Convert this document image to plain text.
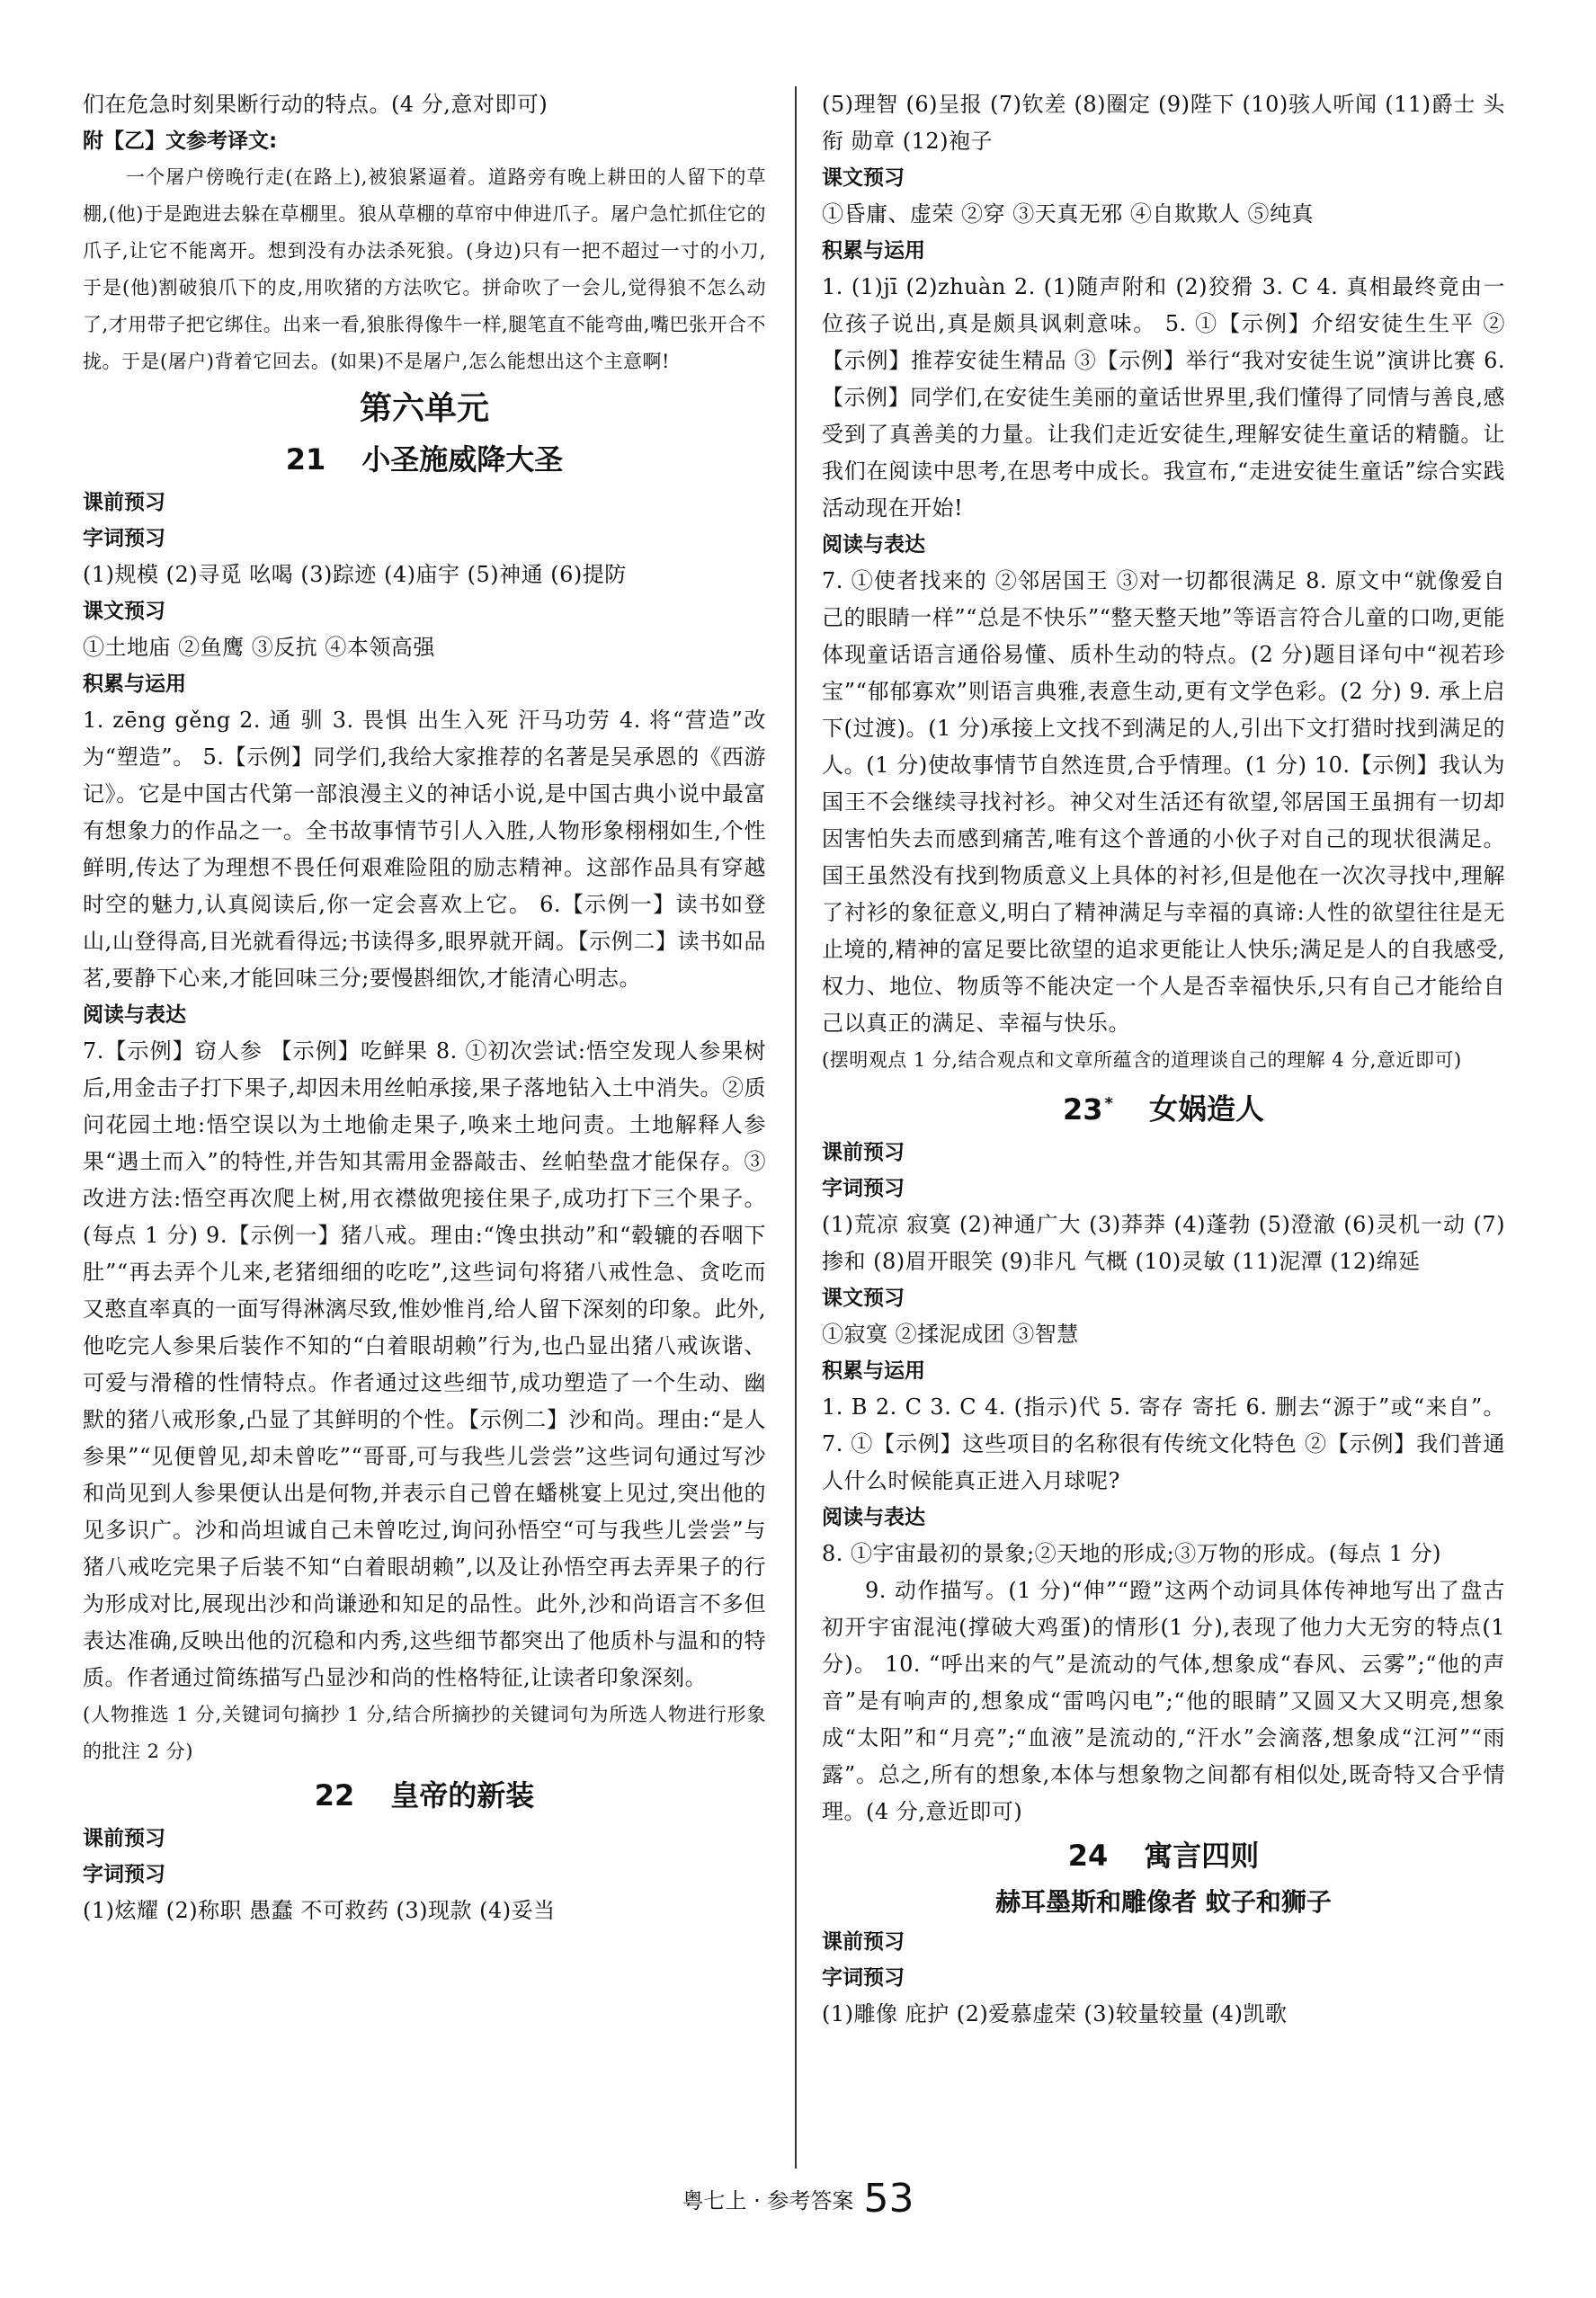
们在危急时刻果断行动的特点。(4 分,意对即可)

附【乙】文参考译文:

一个屠户傍晚行走(在路上),被狼紧逼着。道路旁有晚上耕田的人留下的草棚,(他)于是跑进去躲在草棚里。狼从草棚的草帘中伸进爪子。屠户急忙抓住它的爪子,让它不能离开。想到没有办法杀死狼。(身边)只有一把不超过一寸的小刀,于是(他)割破狼爪下的皮,用吹猪的方法吹它。拼命吹了一会儿,觉得狼不怎么动了,才用带子把它绑住。出来一看,狼胀得像牛一样,腿笔直不能弯曲,嘴巴张开合不拢。于是(屠户)背着它回去。(如果)不是屠户,怎么能想出这个主意啊!

第六单元

21 小圣施威降大圣

课前预习

字词预习

(1)规模 (2)寻觅 吆喝 (3)踪迹 (4)庙宇 (5)神通 (6)提防

课文预习

①土地庙 ②鱼鹰 ③反抗 ④本领高强

积累与运用

1. zēng gěng 2. 通 驯 3. 畏惧 出生入死 汗马功劳 4. 将“营造”改为“塑造”。 5.【示例】同学们,我给大家推荐的名著是吴承恩的《西游记》。它是中国古代第一部浪漫主义的神话小说,是中国古典小说中最富有想象力的作品之一。全书故事情节引人入胜,人物形象栩栩如生,个性鲜明,传达了为理想不畏任何艰难险阻的励志精神。这部作品具有穿越时空的魅力,认真阅读后,你一定会喜欢上它。 6.【示例一】读书如登山,山登得高,目光就看得远;书读得多,眼界就开阔。【示例二】读书如品茗,要静下心来,才能回味三分;要慢斟细饮,才能清心明志。

阅读与表达

7.【示例】窃人参 【示例】吃鲜果 8. ①初次尝试:悟空发现人参果树后,用金击子打下果子,却因未用丝帕承接,果子落地钻入土中消失。②质问花园土地:悟空误以为土地偷走果子,唤来土地问责。土地解释人参果“遇土而入”的特性,并告知其需用金器敲击、丝帕垫盘才能保存。③改进方法:悟空再次爬上树,用衣襟做兜接住果子,成功打下三个果子。(每点 1 分) 9.【示例一】猪八戒。理由:“馋虫拱动”和“毂辘的吞咽下肚”“再去弄个儿来,老猪细细的吃吃”,这些词句将猪八戒性急、贪吃而又憨直率真的一面写得淋漓尽致,惟妙惟肖,给人留下深刻的印象。此外,他吃完人参果后装作不知的“白着眼胡赖”行为,也凸显出猪八戒诙谐、可爱与滑稽的性情特点。作者通过这些细节,成功塑造了一个生动、幽默的猪八戒形象,凸显了其鲜明的个性。【示例二】沙和尚。理由:“是人参果”“见便曾见,却未曾吃”“哥哥,可与我些儿尝尝”这些词句通过写沙和尚见到人参果便认出是何物,并表示自己曾在蟠桃宴上见过,突出他的见多识广。沙和尚坦诚自己未曾吃过,询问孙悟空“可与我些儿尝尝”与猪八戒吃完果子后装不知“白着眼胡赖”,以及让孙悟空再去弄果子的行为形成对比,展现出沙和尚谦逊和知足的品性。此外,沙和尚语言不多但表达准确,反映出他的沉稳和内秀,这些细节都突出了他质朴与温和的特质。作者通过简练描写凸显沙和尚的性格特征,让读者印象深刻。

(人物推选 1 分,关键词句摘抄 1 分,结合所摘抄的关键词句为所选人物进行形象的批注 2 分)

22 皇帝的新装

课前预习

字词预习

(1)炫耀 (2)称职 愚蠢 不可救药 (3)现款 (4)妥当

(5)理智 (6)呈报 (7)钦差 (8)圈定 (9)陛下 (10)骇人听闻 (11)爵士 头衔 勋章 (12)袍子

课文预习

①昏庸、虚荣 ②穿 ③天真无邪 ④自欺欺人 ⑤纯真

积累与运用

1. (1)jī (2)zhuàn 2. (1)随声附和 (2)狡猾 3. C 4. 真相最终竟由一位孩子说出,真是颇具讽刺意味。 5. ①【示例】介绍安徒生生平 ②【示例】推荐安徒生精品 ③【示例】举行“我对安徒生说”演讲比赛 6.【示例】同学们,在安徒生美丽的童话世界里,我们懂得了同情与善良,感受到了真善美的力量。让我们走近安徒生,理解安徒生童话的精髓。让我们在阅读中思考,在思考中成长。我宣布,“走进安徒生童话”综合实践活动现在开始!

阅读与表达

7. ①使者找来的 ②邻居国王 ③对一切都很满足 8. 原文中“就像爱自己的眼睛一样”“总是不快乐”“整天整天地”等语言符合儿童的口吻,更能体现童话语言通俗易懂、质朴生动的特点。(2 分)题目译句中“视若珍宝”“郁郁寡欢”则语言典雅,表意生动,更有文学色彩。(2 分) 9. 承上启下(过渡)。(1 分)承接上文找不到满足的人,引出下文打猎时找到满足的人。(1 分)使故事情节自然连贯,合乎情理。(1 分) 10.【示例】我认为国王不会继续寻找衬衫。神父对生活还有欲望,邻居国王虽拥有一切却因害怕失去而感到痛苦,唯有这个普通的小伙子对自己的现状很满足。国王虽然没有找到物质意义上具体的衬衫,但是他在一次次寻找中,理解了衬衫的象征意义,明白了精神满足与幸福的真谛:人性的欲望往往是无止境的,精神的富足要比欲望的追求更能让人快乐;满足是人的自我感受,权力、地位、物质等不能决定一个人是否幸福快乐,只有自己才能给自己以真正的满足、幸福与快乐。

(摆明观点 1 分,结合观点和文章所蕴含的道理谈自己的理解 4 分,意近即可)

23 * 女娲造人

课前预习

字词预习

(1)荒凉 寂寞 (2)神通广大 (3)莽莽 (4)蓬勃 (5)澄澈 (6)灵机一动 (7)掺和 (8)眉开眼笑 (9)非凡 气概 (10)灵敏 (11)泥潭 (12)绵延

课文预习

①寂寞 ②揉泥成团 ③智慧

积累与运用

1. B 2. C 3. C 4. (指示)代 5. 寄存 寄托 6. 删去“源于”或“来自”。 7. ①【示例】这些项目的名称很有传统文化特色 ②【示例】我们普通人什么时候能真正进入月球呢?

阅读与表达

8. ①宇宙最初的景象;②天地的形成;③万物的形成。(每点 1 分)

9. 动作描写。(1 分)“伸”“蹬”这两个动词具体传神地写出了盘古初开宇宙混沌(撑破大鸡蛋)的情形(1 分),表现了他力大无穷的特点(1 分)。 10. “呼出来的气”是流动的气体,想象成“春风、云雾”;“他的声音”是有响声的,想象成“雷鸣闪电”;“他的眼睛”又圆又大又明亮,想象成“太阳”和“月亮”;“血液”是流动的,“汗水”会滴落,想象成“江河”“雨露”。总之,所有的想象,本体与想象物之间都有相似处,既奇特又合乎情理。(4 分,意近即可)

24 寓言四则

赫耳墨斯和雕像者 蚊子和狮子

课前预习

字词预习

(1)雕像 庇护 (2)爱慕虚荣 (3)较量较量 (4)凯歌

粤七上 · 参考答案 53
